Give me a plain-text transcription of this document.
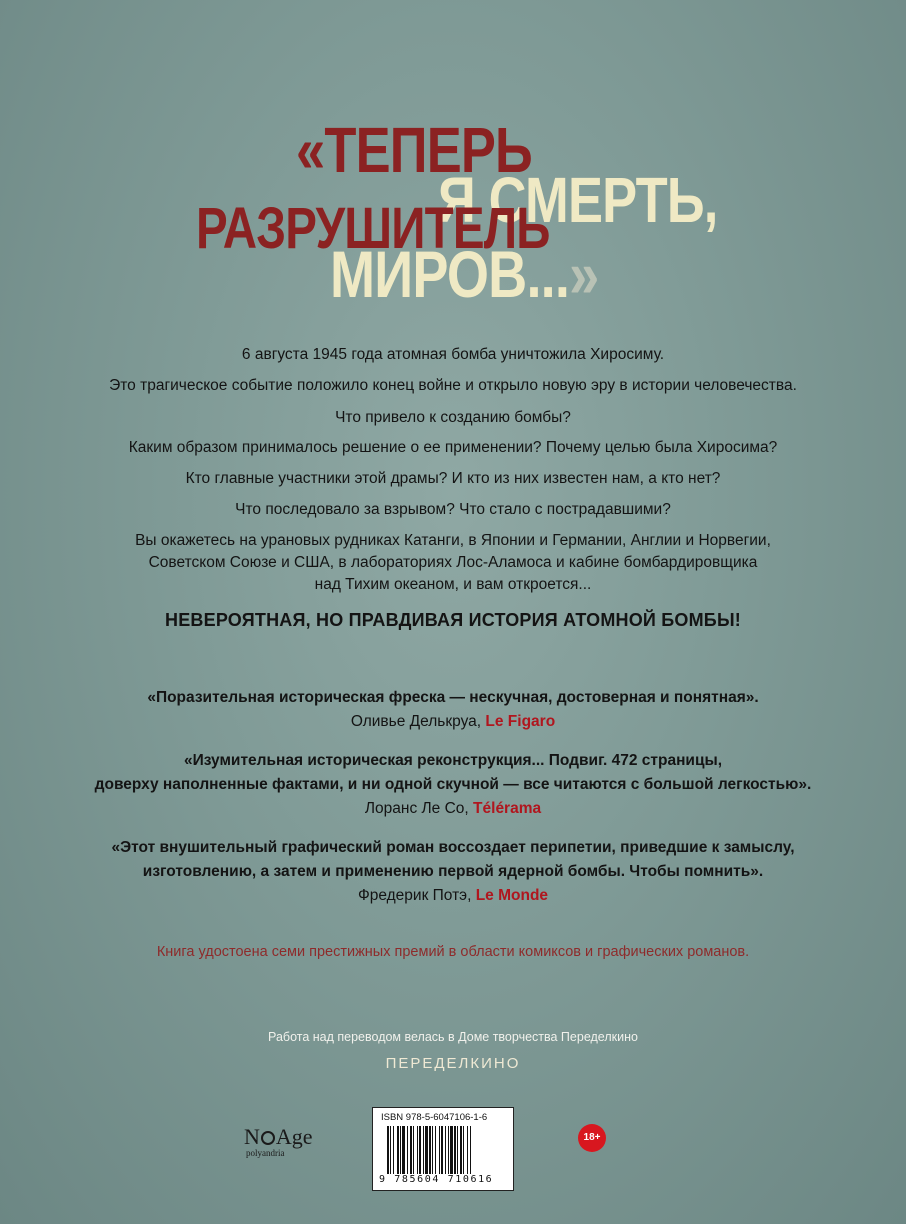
«ТЕПЕРЬ
Я СМЕРТЬ,
РАЗРУШИТЕЛЬ
МИРОВ...»

6 августа 1945 года атомная бомба уничтожила Хиросиму.

Это трагическое событие положило конец войне и открыло новую эру в истории человечества.

Что привело к созданию бомбы?

Каким образом принималось решение о ее применении? Почему целью была Хиросима?

Кто главные участники этой драмы? И кто из них известен нам, а кто нет?

Что последовало за взрывом? Что стало с пострадавшими?

Вы окажетесь на урановых рудниках Катанги, в Японии и Германии, Англии и Норвегии,

Советском Союзе и США, в лабораториях Лос-Аламоса и кабине бомбардировщика

над Тихим океаном, и вам откроется...

НЕВЕРОЯТНАЯ, НО ПРАВДИВАЯ ИСТОРИЯ АТОМНОЙ БОМБЫ!

«Поразительная историческая фреска — нескучная, достоверная и понятная».
Оливье Делькруа, Le Figaro
«Изумительная историческая реконструкция... Подвиг. 472 страницы,
доверху наполненные фактами, и ни одной скучной — все читаются с большой легкостью».
Лоранс Ле Со, Télérama
«Этот внушительный графический роман воссоздает перипетии, приведшие к замыслу,
изготовлению, а затем и применению первой ядерной бомбы. Чтобы помнить».
Фредерик Потэ, Le Monde

Книга удостоена семи престижных премий в области комиксов и графических романов.

Работа над переводом велась в Доме творчества Переделкино
ПЕРЕДЕЛКИНО
N Age
polyandria
ISBN 978-5-6047106-1-6
9 785604 710616
18+
